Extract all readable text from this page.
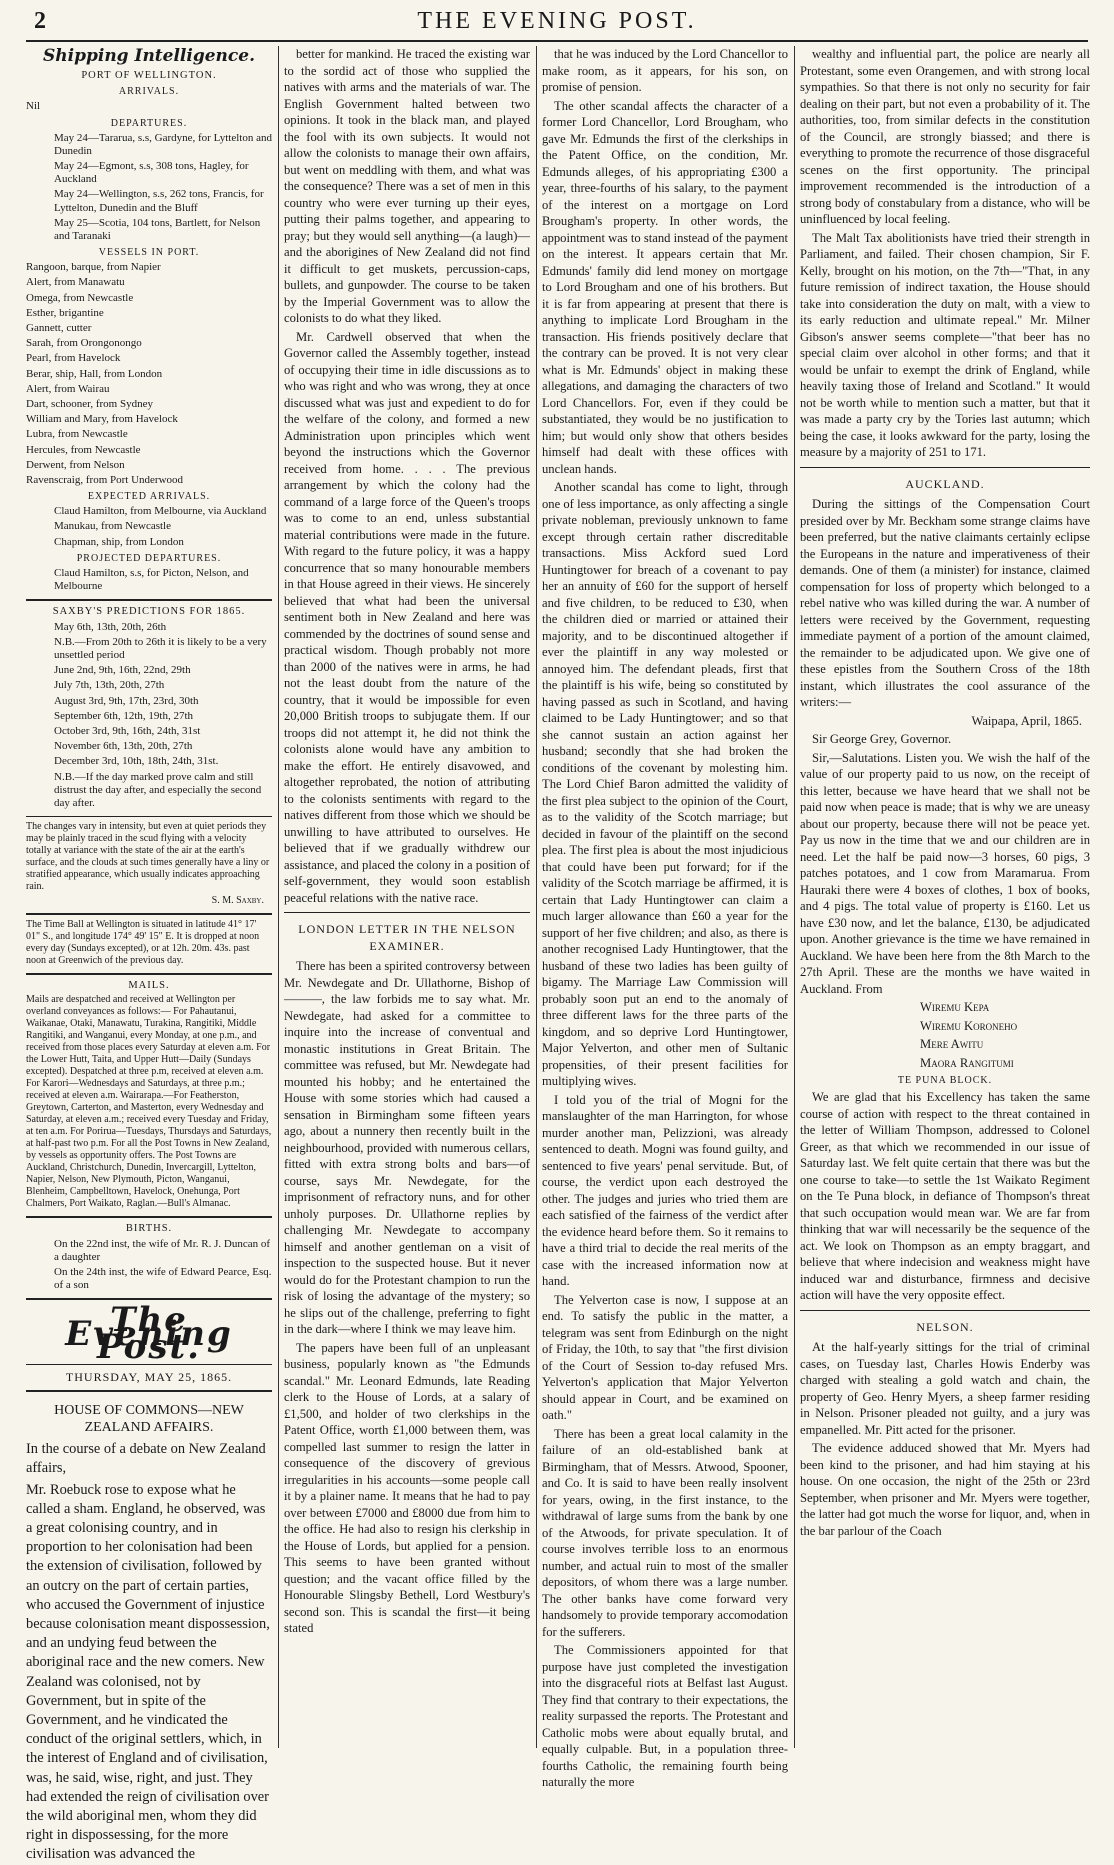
2	THE EVENING POST.
Shipping Intelligence.
PORT OF WELLINGTON.
ARRIVALS.

Nil

DEPARTURES.

May 24—Tararua, s.s, Gardyne, for Lyttelton and Dunedin

May 24—Egmont, s.s, 308 tons, Hagley, for Auckland

May 24—Wellington, s.s, 262 tons, Francis, for Lyttelton, Dunedin and the Bluff

May 25—Scotia, 104 tons, Bartlett, for Nelson and Taranaki

VESSELS IN PORT.

Rangoon, barque, from Napier

Alert, from Manawatu

Omega, from Newcastle

Esther, brigantine

Gannett, cutter

Sarah, from Orongonongo

Pearl, from Havelock

Berar, ship, Hall, from London

Alert, from Wairau

Dart, schooner, from Sydney

William and Mary, from Havelock

Lubra, from Newcastle

Hercules, from Newcastle

Derwent, from Nelson

Ravenscraig, from Port Underwood

EXPECTED ARRIVALS.

Claud Hamilton, from Melbourne, via Auckland

Manukau, from Newcastle

Chapman, ship, from London

PROJECTED DEPARTURES.

Claud Hamilton, s.s, for Picton, Nelson, and Melbourne

SAXBY'S PREDICTIONS FOR 1865.

May 6th, 13th, 20th, 26th

N.B.—From 20th to 26th it is likely to be a very unsettled period

June 2nd, 9th, 16th, 22nd, 29th

July 7th, 13th, 20th, 27th

August 3rd, 9th, 17th, 23rd, 30th

September 6th, 12th, 19th, 27th

October 3rd, 9th, 16th, 24th, 31st

November 6th, 13th, 20th, 27th

December 3rd, 10th, 18th, 24th, 31st.

N.B.—If the day marked prove calm and still distrust the day after, and especially the second day after.

The changes vary in intensity, but even at quiet periods they may be plainly traced in the scud flying with a velocity totally at variance with the state of the air at the earth's surface, and the clouds at such times generally have a liny or stratified appearance, which usually indicates approaching rain.

S. M. Saxby.

The Time Ball at Wellington is situated in latitude 41° 17' 01" S., and longitude 174° 49' 15" E. It is dropped at noon every day (Sundays excepted), or at 12h. 20m. 43s. past noon at Greenwich of the previous day.

MAILS.

Mails are despatched and received at Wellington per overland conveyances as follows:— For Pahautanui, Waikanae, Otaki, Manawatu, Turakina, Rangitiki, Middle Rangitiki, and Wanganui, every Monday, at one p.m., and received from those places every Saturday at eleven a.m. For the Lower Hutt, Taita, and Upper Hutt—Daily (Sundays excepted). Despatched at three p.m, received at eleven a.m. For Karori—Wednesdays and Saturdays, at three p.m.; received at eleven a.m. Wairarapa.—For Featherston, Greytown, Carterton, and Masterton, every Wednesday and Saturday, at eleven a.m.; received every Tuesday and Friday, at ten a.m. For Porirua—Tuesdays, Thursdays and Saturdays, at half-past two p.m. For all the Post Towns in New Zealand, by vessels as opportunity offers. The Post Towns are Auckland, Christchurch, Dunedin, Invercargill, Lyttelton, Napier, Nelson, New Plymouth, Picton, Wanganui, Blenheim, Campbelltown, Havelock, Onehunga, Port Chalmers, Port Waikato, Raglan.—Bull's Almanac.

BIRTHS.

On the 22nd inst, the wife of Mr. R. J. Duncan of a daughter

On the 24th inst, the wife of Edward Pearce, Esq. of a son

The Evening Post.
THURSDAY, MAY 25, 1865.
HOUSE OF COMMONS—NEW ZEALAND AFFAIRS.

In the course of a debate on New Zealand affairs,

Mr. Roebuck rose to expose what he called a sham. England, he observed, was a great colonising country, and in proportion to her colonisation had been the extension of civilisation, followed by an outcry on the part of certain parties, who accused the Government of injustice because colonisation meant dispossession, and an undying feud between the aboriginal race and the new comers. New Zealand was colonised, not by Government, but in spite of the Government, and he vindicated the conduct of the original settlers, which, in the interest of England and of civilisation, was, he said, wise, right, and just. They had extended the reign of civilisation over the wild aboriginal men, whom they did right in dispossessing, for the more civilisation was advanced the

better for mankind. He traced the existing war to the sordid act of those who supplied the natives with arms and the materials of war. The English Government halted between two opinions. It took in the black man, and played the fool with its own subjects. It would not allow the colonists to manage their own affairs, but went on meddling with them, and what was the consequence? There was a set of men in this country who were ever turning up their eyes, putting their palms together, and appearing to pray; but they would sell anything—(a laugh)—and the aborigines of New Zealand did not find it difficult to get muskets, percussion-caps, bullets, and gunpowder. The course to be taken by the Imperial Government was to allow the colonists to do what they liked.

Mr. Cardwell observed that when the Governor called the Assembly together, instead of occupying their time in idle discussions as to who was right and who was wrong, they at once discussed what was just and expedient to do for the welfare of the colony, and formed a new Administration upon principles which went beyond the instructions which the Governor received from home. . . . The previous arrangement by which the colony had the command of a large force of the Queen's troops was to come to an end, unless substantial material contributions were made in the future. With regard to the future policy, it was a happy concurrence that so many honourable members in that House agreed in their views. He sincerely believed that what had been the universal sentiment both in New Zealand and here was commended by the doctrines of sound sense and practical wisdom. Though probably not more than 2000 of the natives were in arms, he had not the least doubt from the nature of the country, that it would be impossible for even 20,000 British troops to subjugate them. If our troops did not attempt it, he did not think the colonists alone would have any ambition to make the effort. He entirely disavowed, and altogether reprobated, the notion of attributing to the colonists sentiments with regard to the natives different from those which we should be unwilling to have attributed to ourselves. He believed that if we gradually withdrew our assistance, and placed the colony in a position of self-government, they would soon establish peaceful relations with the native race.

LONDON LETTER IN THE NELSON EXAMINER.

There has been a spirited controversy between Mr. Newdegate and Dr. Ullathorne, Bishop of ———, the law forbids me to say what. Mr. Newdegate, had asked for a committee to inquire into the increase of conventual and monastic institutions in Great Britain. The committee was refused, but Mr. Newdegate had mounted his hobby; and he entertained the House with some stories which had caused a sensation in Birmingham some fifteen years ago, about a nunnery then recently built in the neighbourhood, provided with numerous cellars, fitted with extra strong bolts and bars—of course, says Mr. Newdegate, for the imprisonment of refractory nuns, and for other unholy purposes. Dr. Ullathorne replies by challenging Mr. Newdegate to accompany himself and another gentleman on a visit of inspection to the suspected house. But it never would do for the Protestant champion to run the risk of losing the advantage of the mystery; so he slips out of the challenge, preferring to fight in the dark—where I think we may leave him.

The papers have been full of an unpleasant business, popularly known as "the Edmunds scandal." Mr. Leonard Edmunds, late Reading clerk to the House of Lords, at a salary of £1,500, and holder of two clerkships in the Patent Office, worth £1,000 between them, was compelled last summer to resign the latter in consequence of the discovery of grevious irregularities in his accounts—some people call it by a plainer name. It means that he had to pay over between £7000 and £8000 due from him to the office. He had also to resign his clerkship in the House of Lords, but applied for a pension. This seems to have been granted without question; and the vacant office filled by the Honourable Slingsby Bethell, Lord Westbury's second son. This is scandal the first—it being stated

that he was induced by the Lord Chancellor to make room, as it appears, for his son, on promise of pension.

The other scandal affects the character of a former Lord Chancellor, Lord Brougham, who gave Mr. Edmunds the first of the clerkships in the Patent Office, on the condition, Mr. Edmunds alleges, of his appropriating £300 a year, three-fourths of his salary, to the payment of the interest on a mortgage on Lord Brougham's property. In other words, the appointment was to stand instead of the payment on the interest. It appears certain that Mr. Edmunds' family did lend money on mortgage to Lord Brougham and one of his brothers. But it is far from appearing at present that there is anything to implicate Lord Brougham in the transaction. His friends positively declare that the contrary can be proved. It is not very clear what is Mr. Edmunds' object in making these allegations, and damaging the characters of two Lord Chancellors. For, even if they could be substantiated, they would be no justification to him; but would only show that others besides himself had dealt with these offices with unclean hands.

Another scandal has come to light, through one of less importance, as only affecting a single private nobleman, previously unknown to fame except through certain rather discreditable transactions. Miss Ackford sued Lord Huntingtower for breach of a covenant to pay her an annuity of £60 for the support of herself and five children, to be reduced to £30, when the children died or married or attained their majority, and to be discontinued altogether if ever the plaintiff in any way molested or annoyed him. The defendant pleads, first that the plaintiff is his wife, being so constituted by having passed as such in Scotland, and having claimed to be Lady Huntingtower; and so that she cannot sustain an action against her husband; secondly that she had broken the conditions of the covenant by molesting him. The Lord Chief Baron admitted the validity of the first plea subject to the opinion of the Court, as to the validity of the Scotch marriage; but decided in favour of the plaintiff on the second plea. The first plea is about the most injudicious that could have been put forward; for if the validity of the Scotch marriage be affirmed, it is certain that Lady Huntingtower can claim a much larger allowance than £60 a year for the support of her five children; and also, as there is another recognised Lady Huntingtower, that the husband of these two ladies has been guilty of bigamy. The Marriage Law Commission will probably soon put an end to the anomaly of three different laws for the three parts of the kingdom, and so deprive Lord Huntingtower, Major Yelverton, and other men of Sultanic propensities, of their present facilities for multiplying wives.

I told you of the trial of Mogni for the manslaughter of the man Harrington, for whose murder another man, Pelizzioni, was already sentenced to death. Mogni was found guilty, and sentenced to five years' penal servitude. But, of course, the verdict upon each destroyed the other. The judges and juries who tried them are each satisfied of the fairness of the verdict after the evidence heard before them. So it remains to have a third trial to decide the real merits of the case with the increased information now at hand.

The Yelverton case is now, I suppose at an end. To satisfy the public in the matter, a telegram was sent from Edinburgh on the night of Friday, the 10th, to say that "the first division of the Court of Session to-day refused Mrs. Yelverton's application that Major Yelverton should appear in Court, and be examined on oath."

There has been a great local calamity in the failure of an old-established bank at Birmingham, that of Messrs. Atwood, Spooner, and Co. It is said to have been really insolvent for years, owing, in the first instance, to the withdrawal of large sums from the bank by one of the Atwoods, for private speculation. It of course involves terrible loss to an enormous number, and actual ruin to most of the smaller depositors, of whom there was a large number. The other banks have come forward very handsomely to provide temporary accomodation for the sufferers.

The Commissioners appointed for that purpose have just completed the investigation into the disgraceful riots at Belfast last August. They find that contrary to their expectations, the reality surpassed the reports. The Protestant and Catholic mobs were about equally brutal, and equally culpable. But, in a population three-fourths Catholic, the remaining fourth being naturally the more

wealthy and influential part, the police are nearly all Protestant, some even Orangemen, and with strong local sympathies. So that there is not only no security for fair dealing on their part, but not even a probability of it. The authorities, too, from similar defects in the constitution of the Council, are strongly biassed; and there is everything to promote the recurrence of those disgraceful scenes on the first opportunity. The principal improvement recommended is the introduction of a strong body of constabulary from a distance, who will be uninfluenced by local feeling.

The Malt Tax abolitionists have tried their strength in Parliament, and failed. Their chosen champion, Sir F. Kelly, brought on his motion, on the 7th—"That, in any future remission of indirect taxation, the House should take into consideration the duty on malt, with a view to its early reduction and ultimate repeal." Mr. Milner Gibson's answer seems complete—"that beer has no special claim over alcohol in other forms; and that it would be unfair to exempt the drink of England, while heavily taxing those of Ireland and Scotland." It would not be worth while to mention such a matter, but that it was made a party cry by the Tories last autumn; which being the case, it looks awkward for the party, losing the measure by a majority of 251 to 171.

AUCKLAND.

During the sittings of the Compensation Court presided over by Mr. Beckham some strange claims have been preferred, but the native claimants certainly eclipse the Europeans in the nature and imperativeness of their demands. One of them (a minister) for instance, claimed compensation for loss of property which belonged to a rebel native who was killed during the war. A number of letters were received by the Government, requesting immediate payment of a portion of the amount claimed, the remainder to be adjudicated upon. We give one of these epistles from the Southern Cross of the 18th instant, which illustrates the cool assurance of the writers:—

Waipapa, April, 1865.

Sir George Grey, Governor.

Sir,—Salutations. Listen you. We wish the half of the value of our property paid to us now, on the receipt of this letter, because we have heard that we shall not be paid now when peace is made; that is why we are uneasy about our property, because there will not be peace yet. Pay us now in the time that we and our children are in need. Let the half be paid now—3 horses, 60 pigs, 3 patches potatoes, and 1 cow from Maramarua. From Hauraki there were 4 boxes of clothes, 1 box of books, and 4 pigs. The total value of property is £160. Let us have £30 now, and let the balance, £130, be adjudicated upon. Another grievance is the time we have remained in Auckland. We have been here from the 8th March to the 27th April. These are the months we have waited in Auckland. From

Wiremu Kepa

Wiremu Koroneho

Mere Awitu

Maora Rangitumi

TE PUNA BLOCK.

We are glad that his Excellency has taken the same course of action with respect to the threat contained in the letter of William Thompson, addressed to Colonel Greer, as that which we recommended in our issue of Saturday last. We felt quite certain that there was but the one course to take—to settle the 1st Waikato Regiment on the Te Puna block, in defiance of Thompson's threat that such occupation would mean war. We are far from thinking that war will necessarily be the sequence of the act. We look on Thompson as an empty braggart, and believe that where indecision and weakness might have induced war and disturbance, firmness and decisive action will have the very opposite effect.

NELSON.

At the half-yearly sittings for the trial of criminal cases, on Tuesday last, Charles Howis Enderby was charged with stealing a gold watch and chain, the property of Geo. Henry Myers, a sheep farmer residing in Nelson. Prisoner pleaded not guilty, and a jury was empanelled. Mr. Pitt acted for the prisoner.

The evidence adduced showed that Mr. Myers had been kind to the prisoner, and had him staying at his house. On one occasion, the night of the 25th or 23rd September, when prisoner and Mr. Myers were together, the latter had got much the worse for liquor, and, when in the bar parlour of the Coach
